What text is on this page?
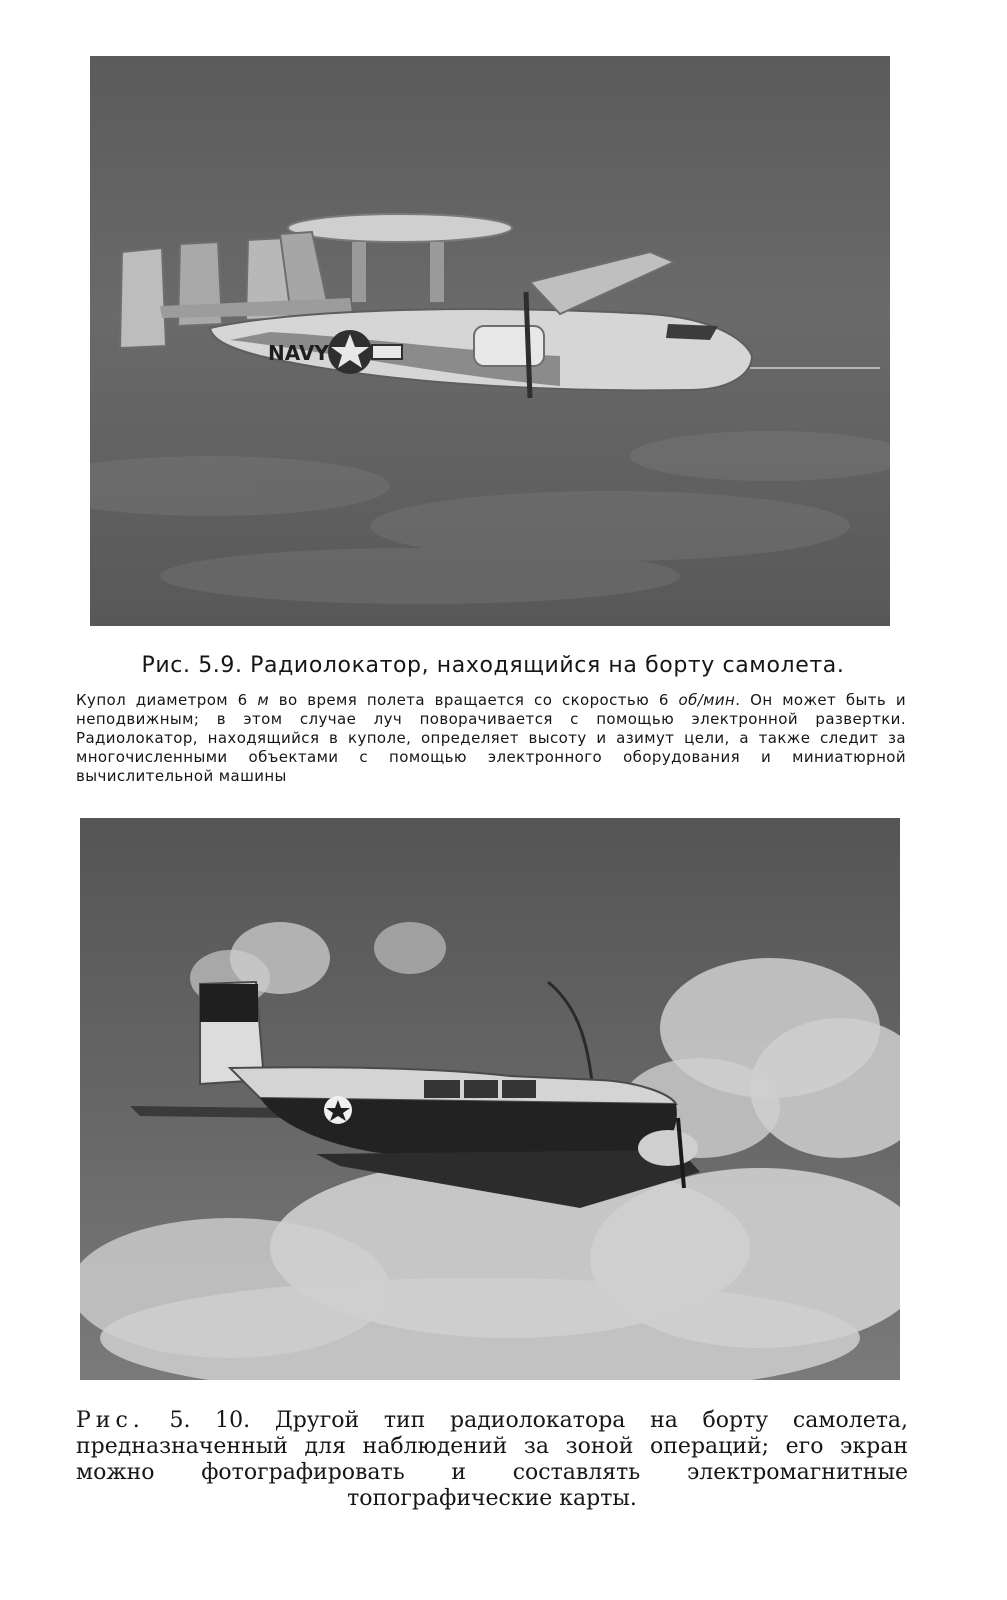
NAVY
Рис. 5.9. Радиолокатор, находящийся на борту самолета.

Купол диаметром 6 м во время полета вращается со скоростью 6 об/мин. Он может быть и неподвижным; в этом случае луч поворачивается с помощью электронной развертки. Радиолокатор, находящийся в куполе, определяет высоту и азимут цели, а также следит за многочисленными объектами с помощью электронного оборудования и миниатюрной вычислительной машины

Рис. 5. 10. Другой тип радиолокатора на борту самолета, предназначенный для наблюдений за зоной операций; его экран можно фотографировать и составлять электромагнитные топографические карты.
